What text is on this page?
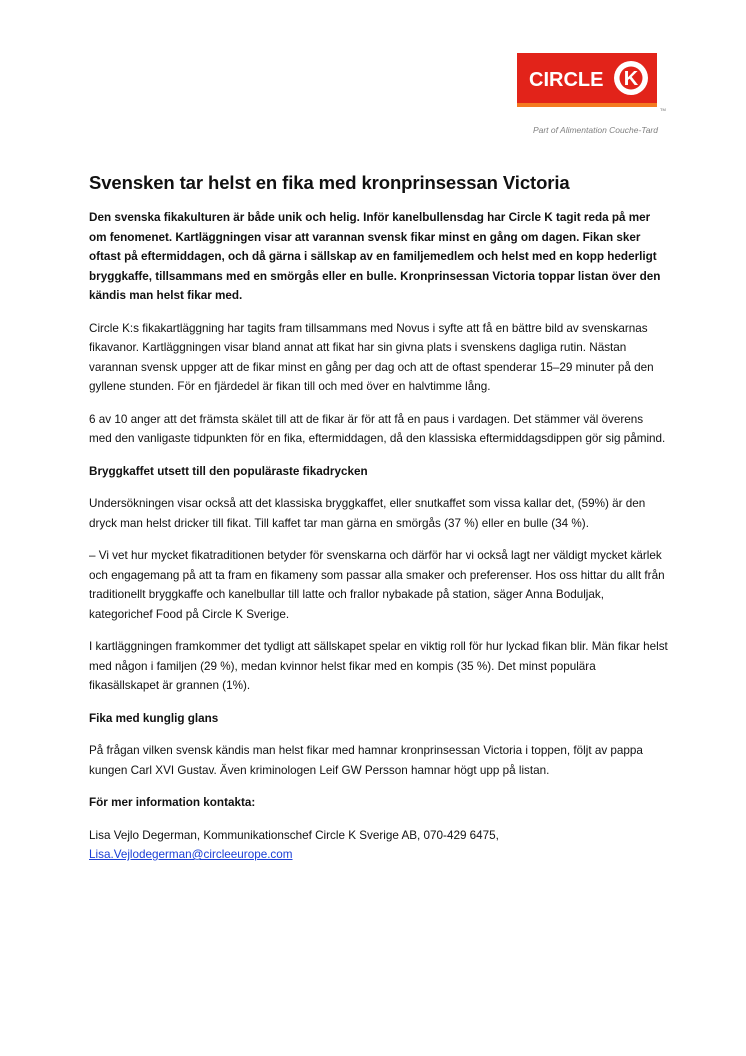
CIRCLE K
TM
Part of Alimentation Couche-Tard
Svensken tar helst en fika med kronprinsessan Victoria

Den svenska fikakulturen är både unik och helig. Inför kanelbullensdag har Circle K tagit reda på mer om fenomenet. Kartläggningen visar att varannan svensk fikar minst en gång om dagen. Fikan sker oftast på eftermiddagen, och då gärna i sällskap av en familjemedlem och helst med en kopp hederligt bryggkaffe, tillsammans med en smörgås eller en bulle. Kronprinsessan Victoria toppar listan över den kändis man helst fikar med.

Circle K:s fikakartläggning har tagits fram tillsammans med Novus i syfte att få en bättre bild av svenskarnas fikavanor. Kartläggningen visar bland annat att fikat har sin givna plats i svenskens dagliga rutin. Nästan varannan svensk uppger att de fikar minst en gång per dag och att de oftast spenderar 15–29 minuter på den gyllene stunden. För en fjärdedel är fikan till och med över en halvtimme lång.

6 av 10 anger att det främsta skälet till att de fikar är för att få en paus i vardagen. Det stämmer väl överens med den vanligaste tidpunkten för en fika, eftermiddagen, då den klassiska eftermiddagsdippen gör sig påmind.

Bryggkaffet utsett till den populäraste fikadrycken

Undersökningen visar också att det klassiska bryggkaffet, eller snutkaffet som vissa kallar det, (59%) är den dryck man helst dricker till fikat. Till kaffet tar man gärna en smörgås (37 %) eller en bulle (34 %).

– Vi vet hur mycket fikatraditionen betyder för svenskarna och därför har vi också lagt ner väldigt mycket kärlek och engagemang på att ta fram en fikameny som passar alla smaker och preferenser. Hos oss hittar du allt från traditionellt bryggkaffe och kanelbullar till latte och frallor nybakade på station, säger Anna Boduljak, kategorichef Food på Circle K Sverige.

I kartläggningen framkommer det tydligt att sällskapet spelar en viktig roll för hur lyckad fikan blir. Män fikar helst med någon i familjen (29 %), medan kvinnor helst fikar med en kompis (35 %). Det minst populära fikasällskapet är grannen (1%).

Fika med kunglig glans

På frågan vilken svensk kändis man helst fikar med hamnar kronprinsessan Victoria i toppen, följt av pappa kungen Carl XVI Gustav. Även kriminologen Leif GW Persson hamnar högt upp på listan.

För mer information kontakta:

Lisa Vejlo Degerman, Kommunikationschef Circle K Sverige AB, 070-429 6475,

Lisa.Vejlodegerman@circleeurope.com
